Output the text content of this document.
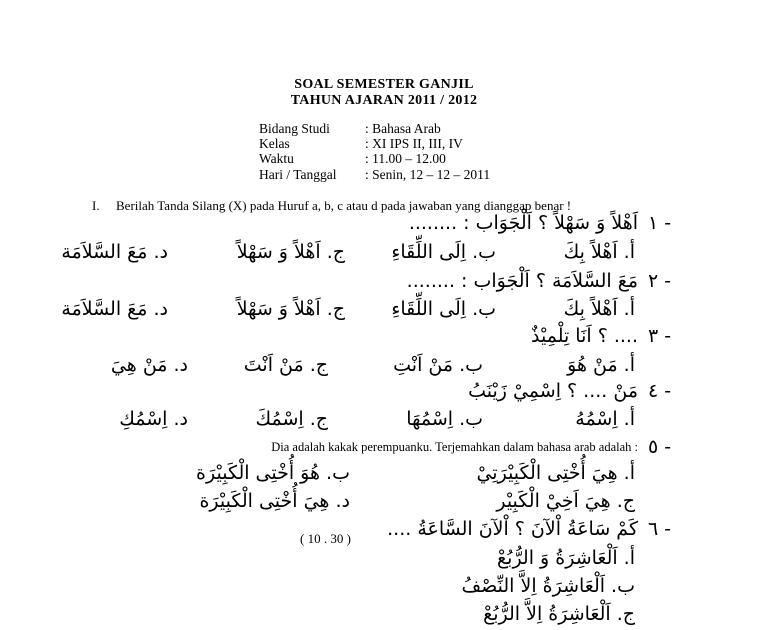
SOAL SEMESTER GANJIL
TAHUN AJARAN 2011 / 2012
Bidang Studi	: Bahasa Arab
Kelas	: XI IPS II, III, IV
Waktu	: 11.00 – 12.00
Hari / Tanggal	: Senin, 12 – 12 – 2011
I. Berilah Tanda Silang (X) pada Huruf a, b, c atau d pada jawaban yang dianggap benar !
١ -
اَهْلاً وَ سَهْلاً ؟ اَلْجَوَاب : ........
أ. اَهْلاً بِكَ
ب. اِلَى اللِّقَاءِ
ج. اَهْلاً وَ سَهْلاً
د. مَعَ السَّلاَمَة
٢ -
مَعَ السَّلاَمَة ؟ اَلْجَوَاب : ........
أ. اَهْلاً بِكَ
ب. اِلَى اللِّقَاءِ
ج. اَهْلاً وَ سَهْلاً
د. مَعَ السَّلاَمَة
٣ -
.... ؟ اَنَا تِلْمِيْذٌ
أ. مَنْ هُوَ
ب. مَنْ اَنْتِ
ج. مَنْ اَنْتَ
د. مَنْ هِيَ
٤ -
مَنْ .... ؟ اِسْمِيْ زَيْنَبُ
أ. اِسْمُهُ
ب. اِسْمُهَا
ج. اِسْمُكَ
د. اِسْمُكِ
٥ -
Dia adalah kakak perempuanku. Terjemahkan dalam bahasa arab adalah :
أ. هِيَ أُخْتِى الْكَبِيْرَتِيْ
ب. هُوَ أُخْتِى الْكَبِيْرَة
ج. هِيَ اَخِيْ الْكَبِيْر
د. هِيَ أُخْتِى الْكَبِيْرَة
٦ -
كَمْ سَاعَةُ اْلآنَ ؟ اْلآنَ السَّاعَةُ ....
( 10 . 30 )
أ. اَلْعَاشِرَةُ وَ الرُّبُعْ
ب. اَلْعَاشِرَةُ اِلاَّ النِّصْفُ
ج. اَلْعَاشِرَةُ اِلاَّ الرُّبُعْ
